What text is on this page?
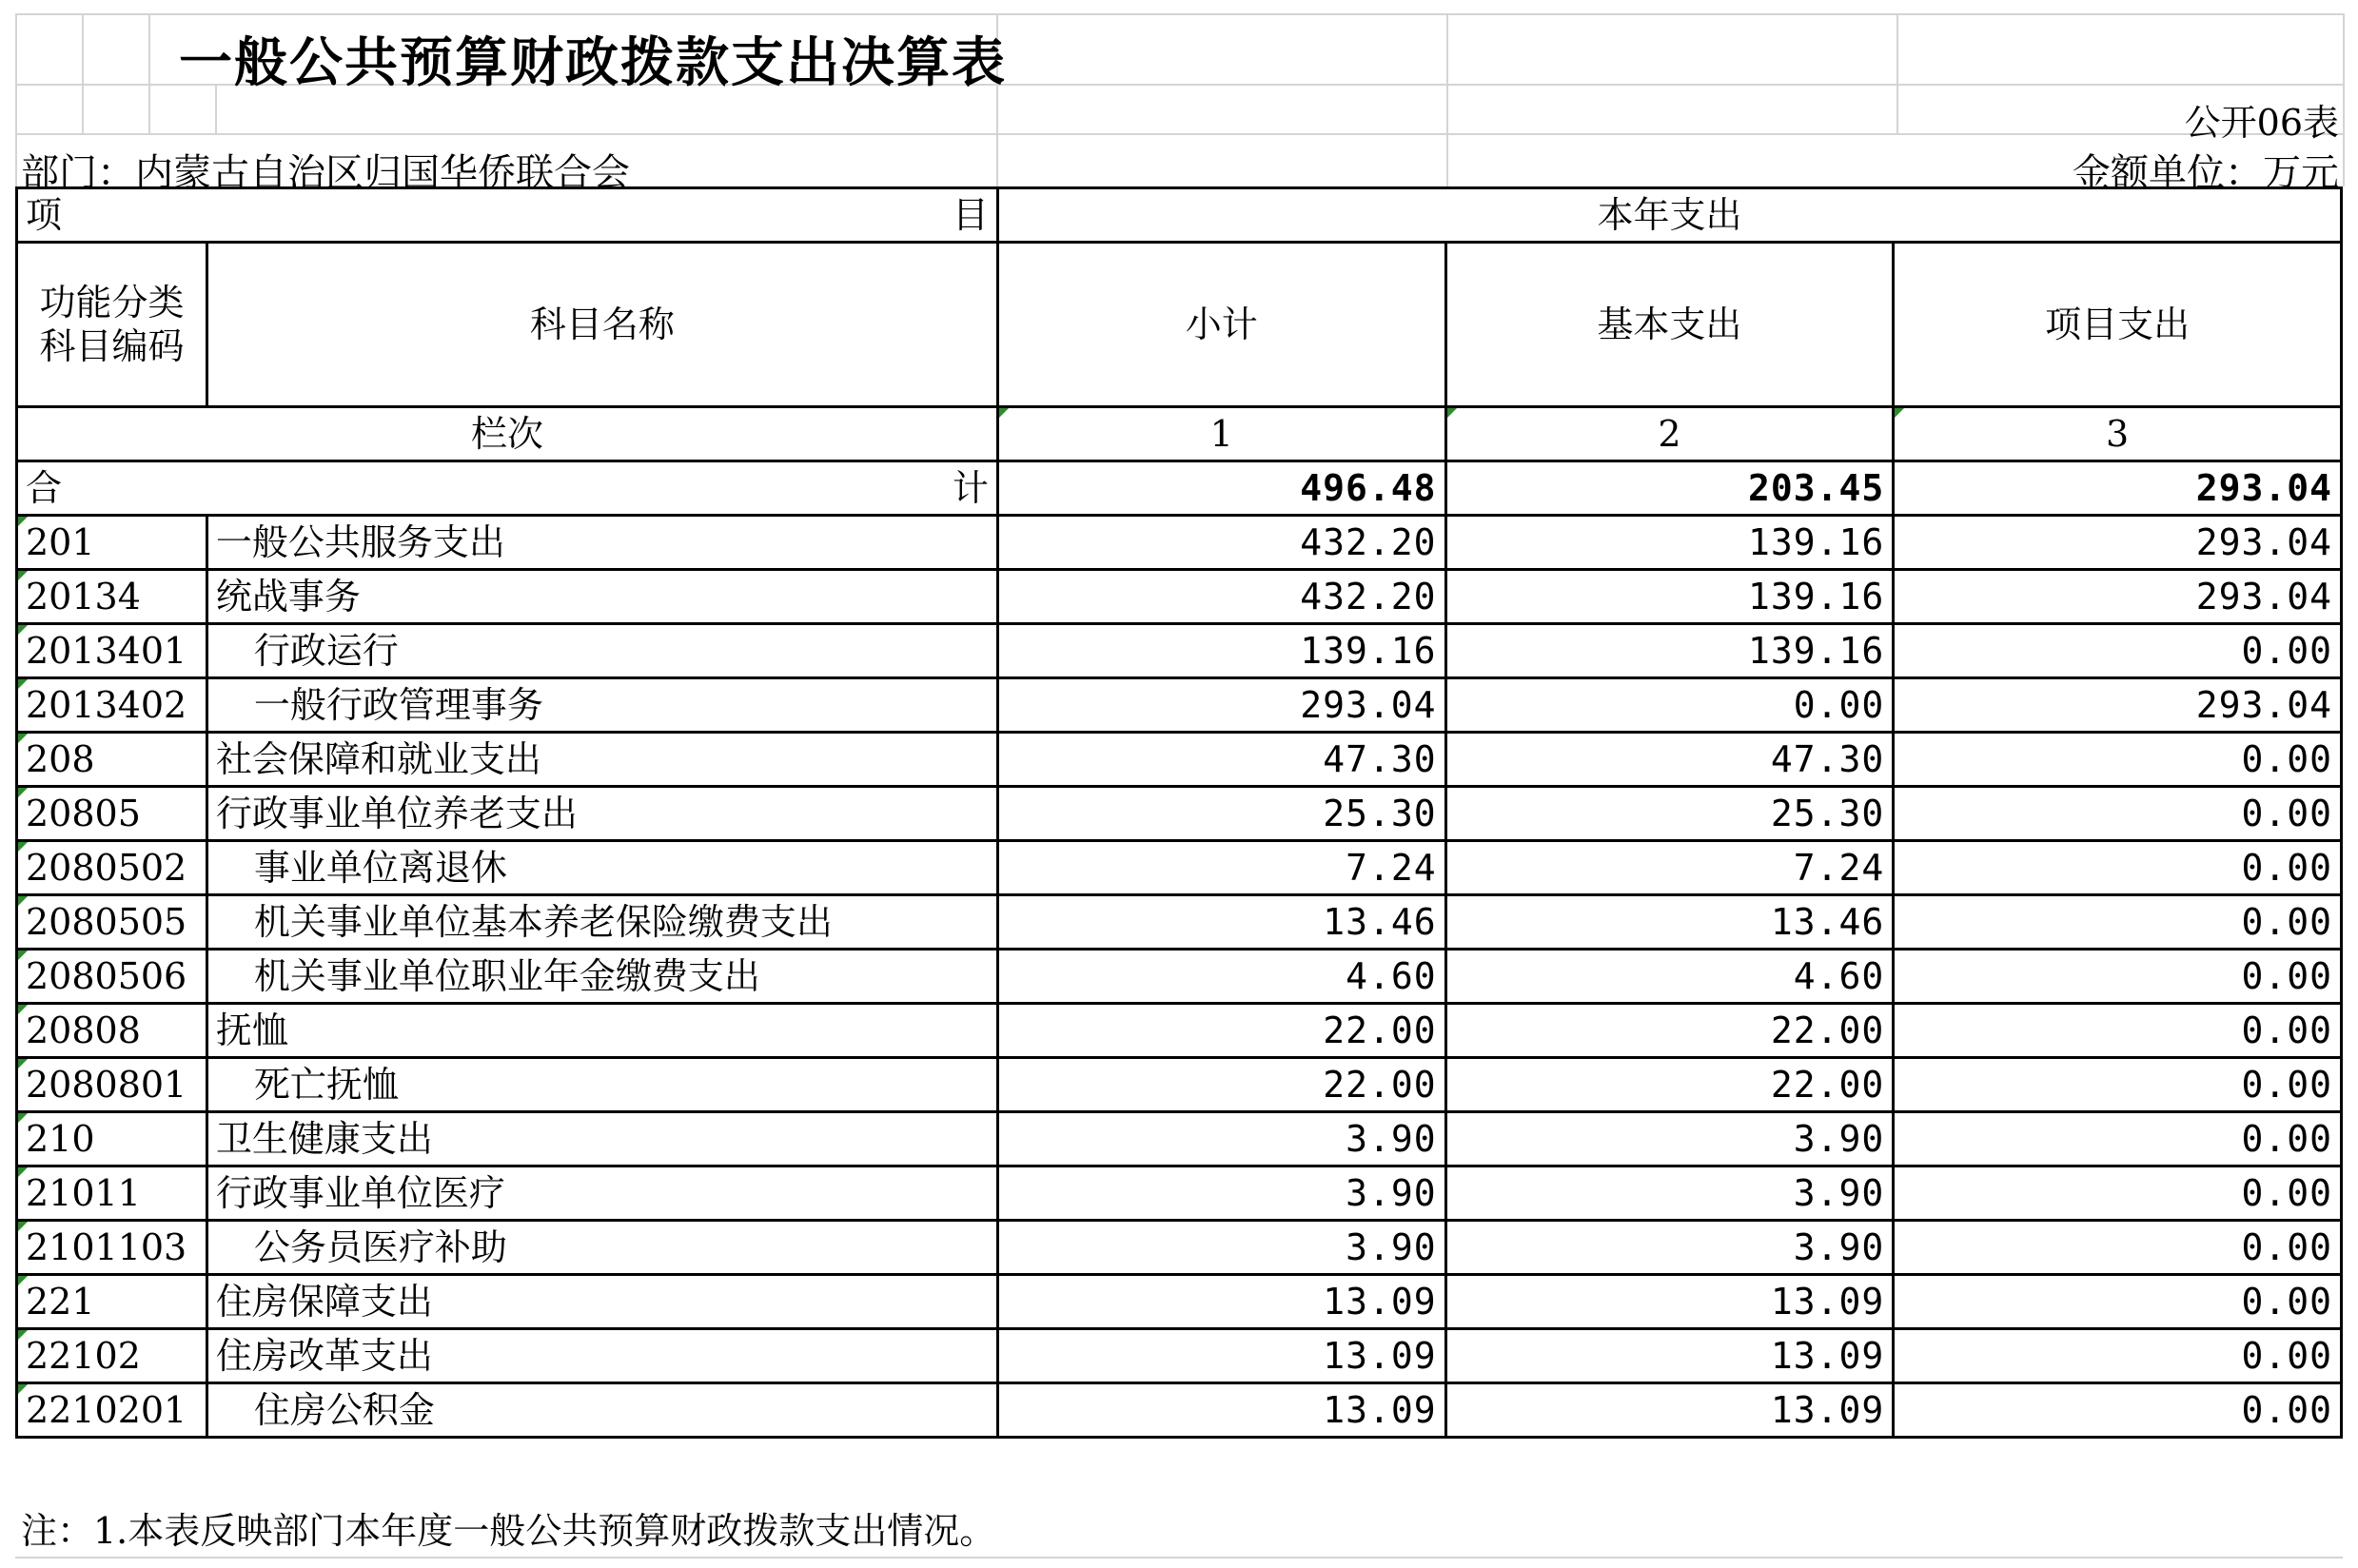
一般公共预算财政拨款支出决算表
公开06表
部门：内蒙古自治区归国华侨联合会	金额单位：万元
项 目		本年支出		

功能分类
科目编码	科目名称	小计	基本支出	项目支出
栏次		1	2	3

合 计		496.48	203.45	293.04
201	一般公共服务支出	432.20	139.16	293.04
20134	统战事务	432.20	139.16	293.04
2013401	行政运行	139.16	139.16	0.00
2013402	一般行政管理事务	293.04	0.00	293.04
208	社会保障和就业支出	47.30	47.30	0.00
20805	行政事业单位养老支出	25.30	25.30	0.00
2080502	事业单位离退休	7.24	7.24	0.00
2080505	机关事业单位基本养老保险缴费支出	13.46	13.46	0.00
2080506	机关事业单位职业年金缴费支出	4.60	4.60	0.00
20808	抚恤	22.00	22.00	0.00
2080801	死亡抚恤	22.00	22.00	0.00
210	卫生健康支出	3.90	3.90	0.00
21011	行政事业单位医疗	3.90	3.90	0.00
2101103	公务员医疗补助	3.90	3.90	0.00
221	住房保障支出	13.09	13.09	0.00
22102	住房改革支出	13.09	13.09	0.00
2210201	住房公积金	13.09	13.09	0.00
注：1.本表反映部门本年度一般公共预算财政拨款支出情况。
